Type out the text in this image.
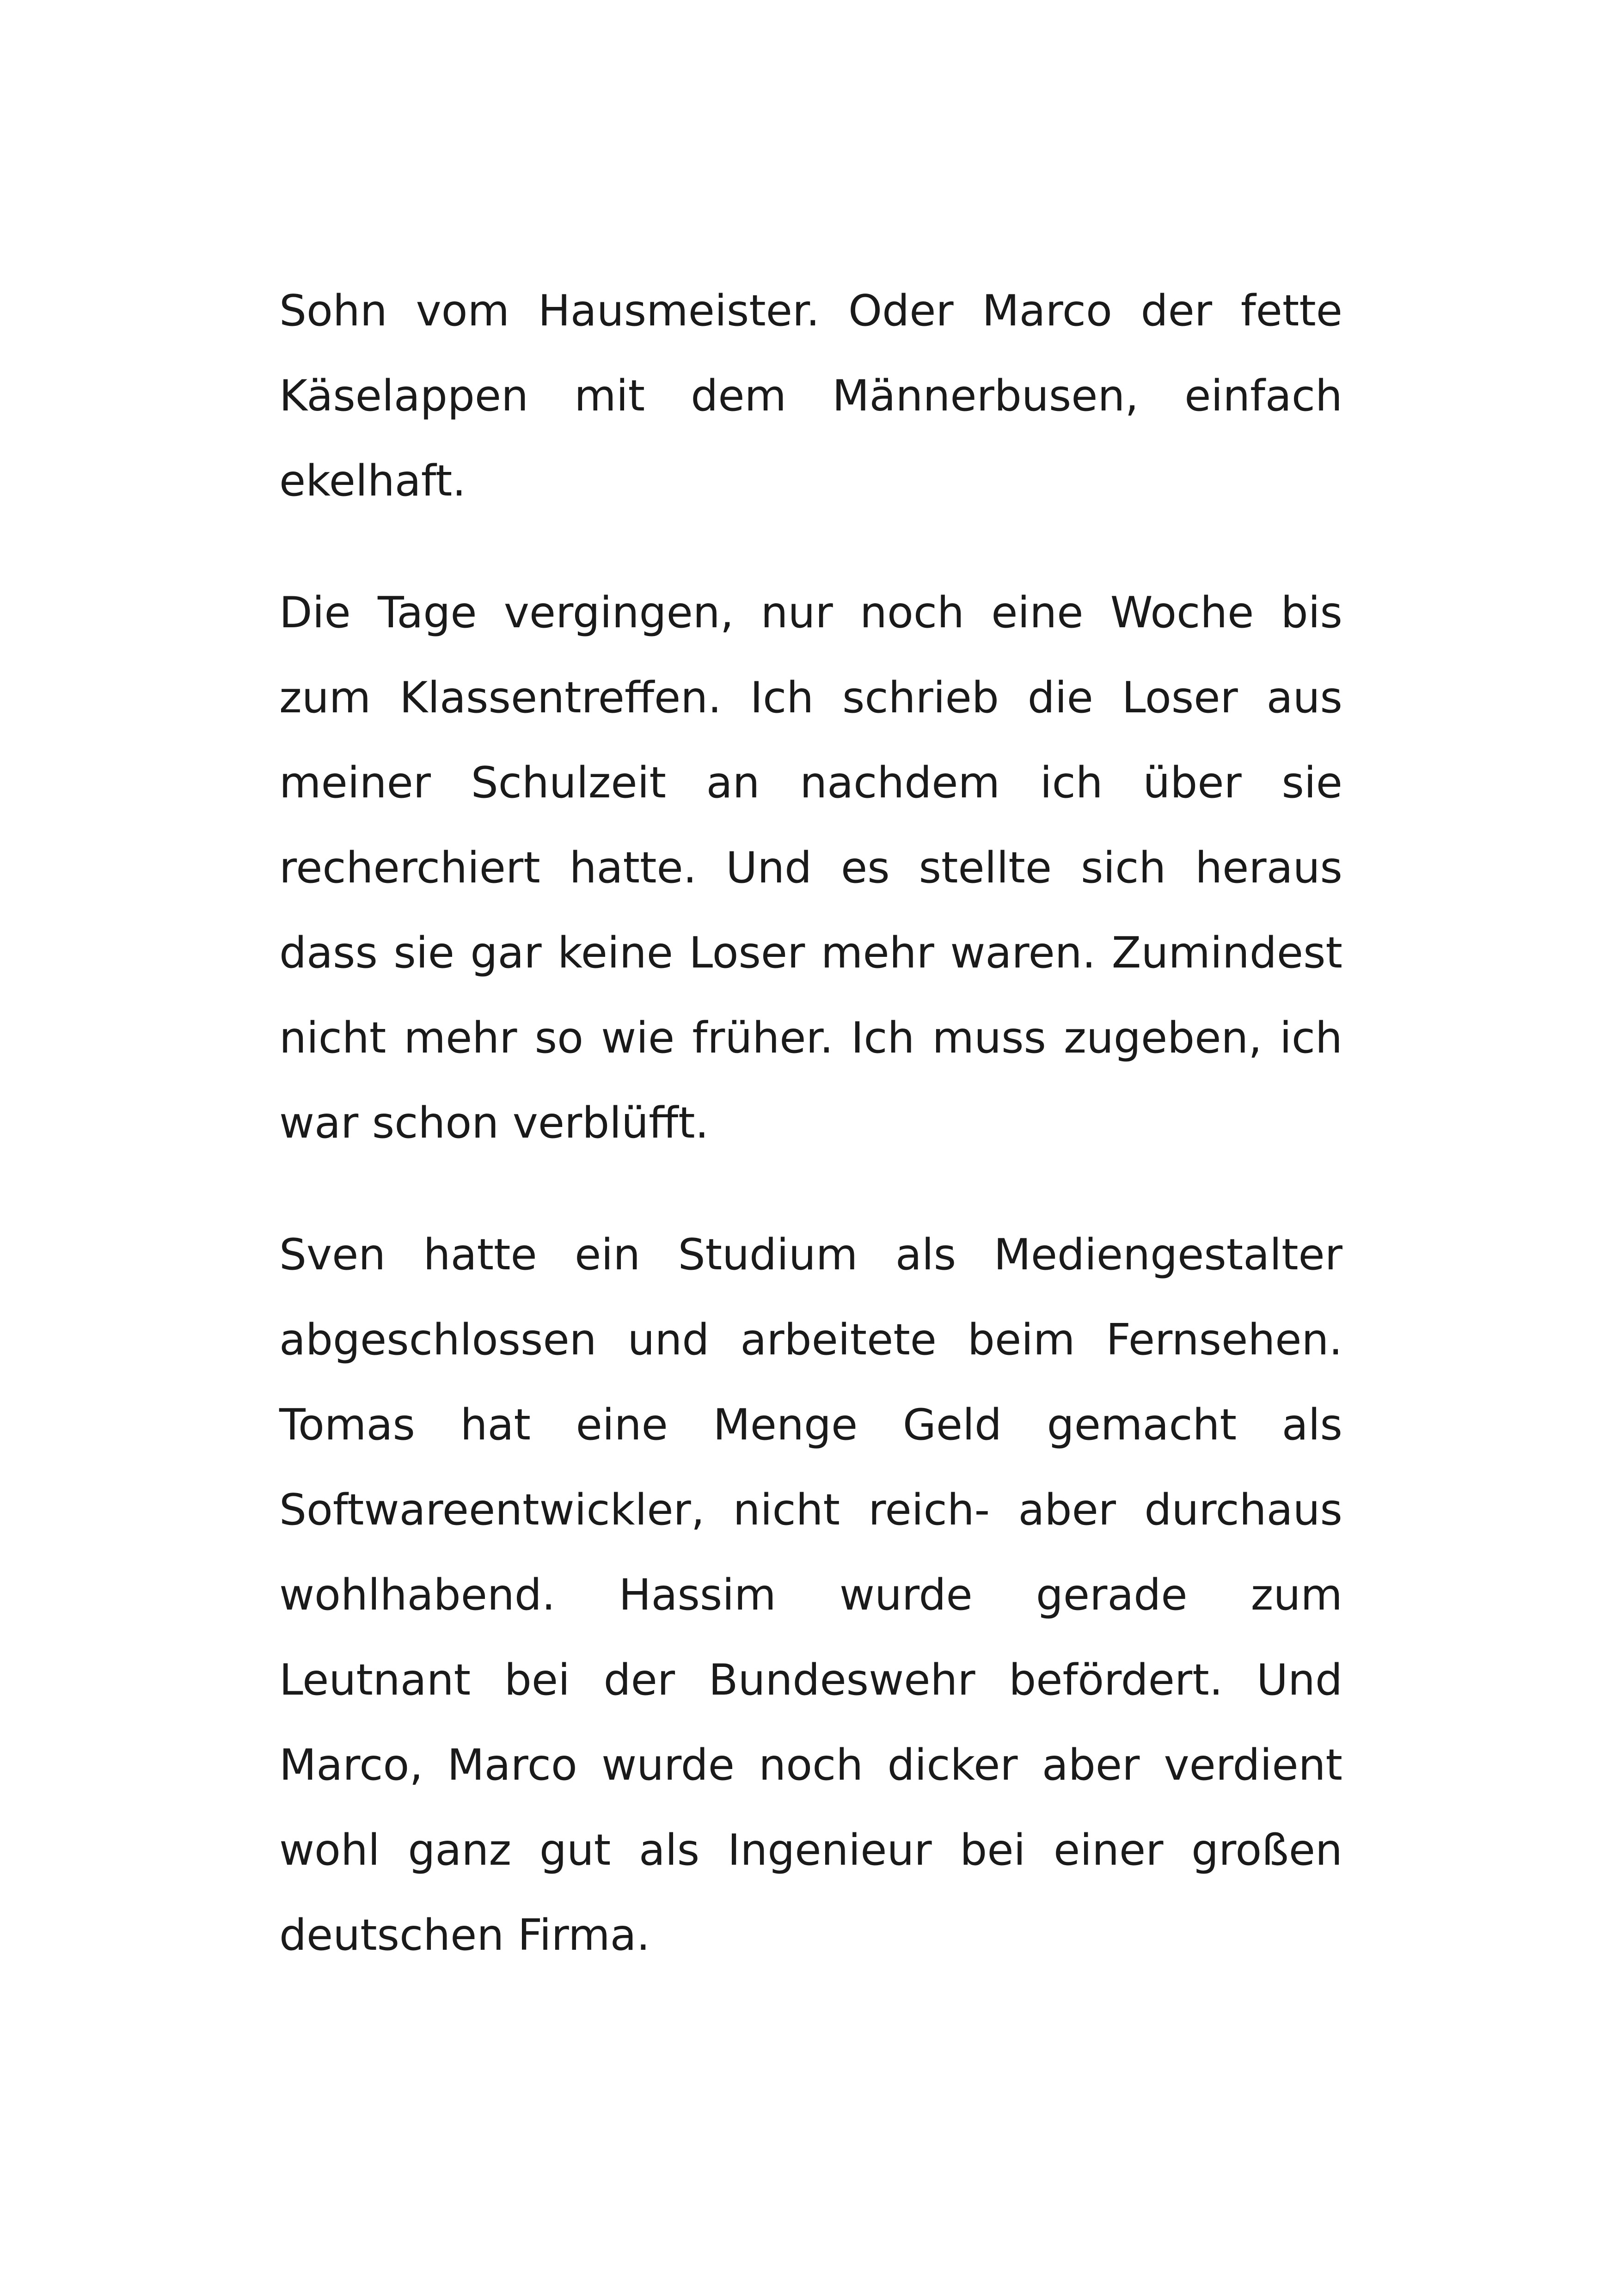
Sohn vom Hausmeister. Oder Marco der fette Käselappen mit dem Männerbusen, einfach ekelhaft.

Die Tage vergingen, nur noch eine Woche bis zum Klassentreffen. Ich schrieb die Loser aus meiner Schulzeit an nachdem ich über sie recherchiert hatte. Und es stellte sich heraus dass sie gar keine Loser mehr waren. Zumindest nicht mehr so wie früher. Ich muss zugeben, ich war schon verblüfft.

Sven hatte ein Studium als Mediengestalter abgeschlossen und arbeitete beim Fernsehen. Tomas hat eine Menge Geld gemacht als Softwareentwickler, nicht reich- aber durchaus wohlhabend. Hassim wurde gerade zum Leutnant bei der Bundeswehr befördert. Und Marco, Marco wurde noch dicker aber verdient wohl ganz gut als Ingenieur bei einer großen deutschen Firma.
